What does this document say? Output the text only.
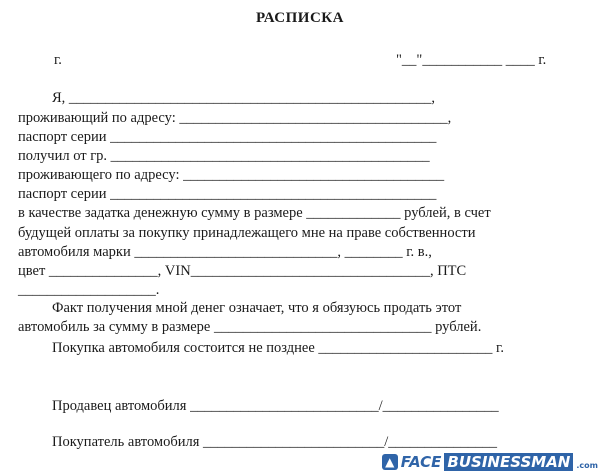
РАСПИСКА
г.	"__"___________ ____ г.
Я, __________________________________________________,
проживающий по адресу: _____________________________________,
паспорт серии _____________________________________________
получил от гр. ____________________________________________
проживающего по адресу: ____________________________________
паспорт серии _____________________________________________
в качестве задатка денежную сумму в размере _____________ рублей, в счет
будущей оплаты за покупку принадлежащего мне на праве собственности
автомобиля марки ____________________________, ________ г. в.,
цвет _______________, VIN_________________________________, ПТС
___________________.
Факт получения мной денег означает, что я обязуюсь продать этот
автомобиль за сумму в размере ______________________________ рублей.
Покупка автомобиля состоится не позднее ________________________ г.
Продавец автомобиля __________________________/________________
Покупатель автомобиля _________________________/_______________
▲ FACE BUSINESSMAN .com
